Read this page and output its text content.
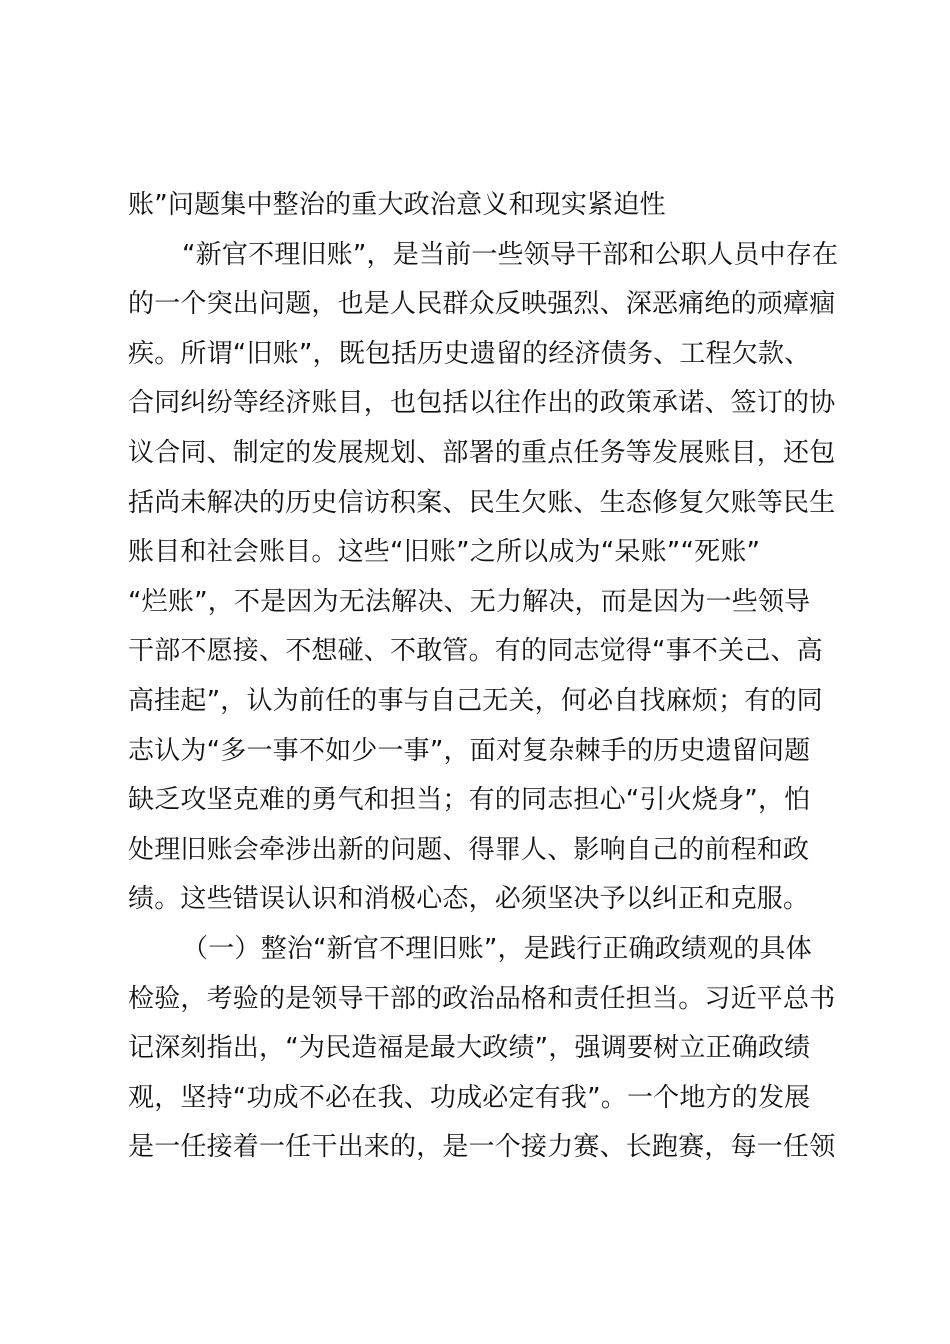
账”问题集中整治的重大政治意义和现实紧迫性
“新官不理旧账”，是当前一些领导干部和公职人员中存在
的一个突出问题，也是人民群众反映强烈、深恶痛绝的顽瘴痼
疾。所谓“旧账”，既包括历史遗留的经济债务、工程欠款、
合同纠纷等经济账目，也包括以往作出的政策承诺、签订的协
议合同、制定的发展规划、部署的重点任务等发展账目，还包
括尚未解决的历史信访积案、民生欠账、生态修复欠账等民生
账目和社会账目。这些“旧账”之所以成为“呆账”“死账”
“烂账”，不是因为无法解决、无力解决，而是因为一些领导
干部不愿接、不想碰、不敢管。有的同志觉得“事不关己、高
高挂起”，认为前任的事与自己无关，何必自找麻烦；有的同
志认为“多一事不如少一事”，面对复杂棘手的历史遗留问题
缺乏攻坚克难的勇气和担当；有的同志担心“引火烧身”，怕
处理旧账会牵涉出新的问题、得罪人、影响自己的前程和政
绩。这些错误认识和消极心态，必须坚决予以纠正和克服。
（一）整治“新官不理旧账”，是践行正确政绩观的具体
检验，考验的是领导干部的政治品格和责任担当。习近平总书
记深刻指出，“为民造福是最大政绩”，强调要树立正确政绩
观，坚持“功成不必在我、功成必定有我”。一个地方的发展
是一任接着一任干出来的，是一个接力赛、长跑赛，每一任领
